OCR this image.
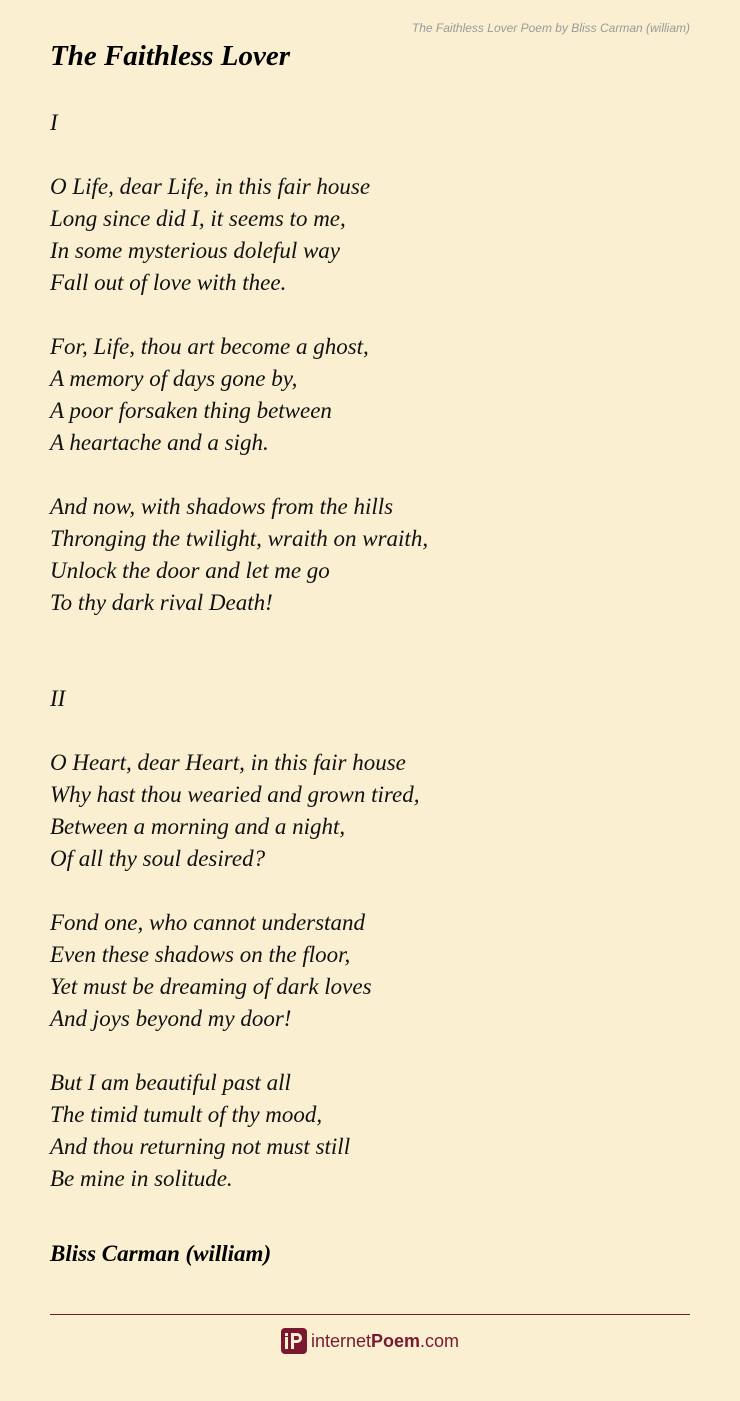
The Faithless Lover Poem by Bliss Carman (william)
The Faithless Lover
I
O Life, dear Life, in this fair house
Long since did I, it seems to me,
In some mysterious doleful way
Fall out of love with thee.
For, Life, thou art become a ghost,
A memory of days gone by,
A poor forsaken thing between
A heartache and a sigh.
And now, with shadows from the hills
Thronging the twilight, wraith on wraith,
Unlock the door and let me go
To thy dark rival Death!
II
O Heart, dear Heart, in this fair house
Why hast thou wearied and grown tired,
Between a morning and a night,
Of all thy soul desired?
Fond one, who cannot understand
Even these shadows on the floor,
Yet must be dreaming of dark loves
And joys beyond my door!
But I am beautiful past all
The timid tumult of thy mood,
And thou returning not must still
Be mine in solitude.
Bliss Carman (william)
internetPoem.com
